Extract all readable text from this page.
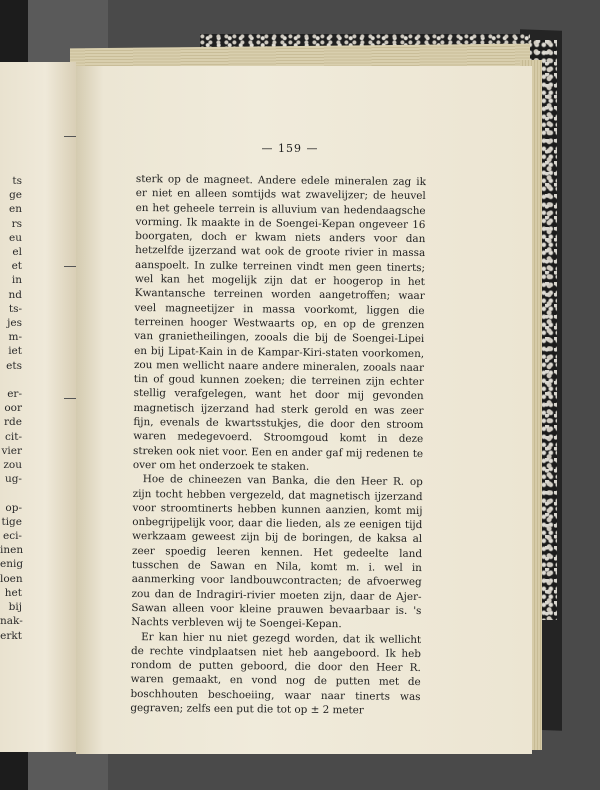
ts
ge
en
rs
eu
el
et
in
nd
ts-
jes
m-
iet
ets

er-
oor
rde
cit-
vier
zou
ug-

op-
tige
eci-
inen
enig
loen
het
bij
nak-
erkt
— 159 —

sterk op de magneet. Andere edele mineralen zag ik er niet en alleen somtijds wat zwavelijzer; de heuvel en het geheele terrein is alluvium van hedendaagsche vorming. Ik maakte in de Soengei-Kepan ongeveer 16 boorgaten, doch er kwam niets anders voor dan hetzelfde ijzerzand wat ook de groote rivier in massa aanspoelt. In zulke terreinen vindt men geen tinerts; wel kan het mogelijk zijn dat er hoogerop in het Kwantansche terreinen worden aangetroffen; waar veel magneetijzer in massa voorkomt, liggen die terreinen hooger Westwaarts op, en op de grenzen van granietheilingen, zooals die bij de Soengei-Lipei en bij Lipat-Kain in de Kampar-Kiri-staten voorkomen, zou men wellicht naare andere mineralen, zooals naar tin of goud kunnen zoeken; die terreinen zijn echter stellig verafgelegen, want het door mij gevonden magnetisch ijzerzand had sterk gerold en was zeer fijn, evenals de kwartsstukjes, die door den stroom waren medegevoerd. Stroomgoud komt in deze streken ook niet voor. Een en ander gaf mij redenen te over om het onderzoek te staken.

Hoe de chineezen van Banka, die den Heer R. op zijn tocht hebben vergezeld, dat magnetisch ijzerzand voor stroomtinerts hebben kunnen aanzien, komt mij onbegrijpelijk voor, daar die lieden, als ze eenigen tijd werkzaam geweest zijn bij de boringen, de kaksa al zeer spoedig leeren kennen. Het gedeelte land tusschen de Sawan en Nila, komt m. i. wel in aanmerking voor landbouwcontracten; de afvoerweg zou dan de Indragiri-rivier moeten zijn, daar de Ajer-Sawan alleen voor kleine prauwen bevaarbaar is. 's Nachts verbleven wij te Soengei-Kepan.

Er kan hier nu niet gezegd worden, dat ik wellicht de rechte vindplaatsen niet heb aangeboord. Ik heb rondom de putten geboord, die door den Heer R. waren gemaakt, en vond nog de putten met de boschhouten beschoeiing, waar naar tinerts was gegraven; zelfs een put die tot op ± 2 meter
